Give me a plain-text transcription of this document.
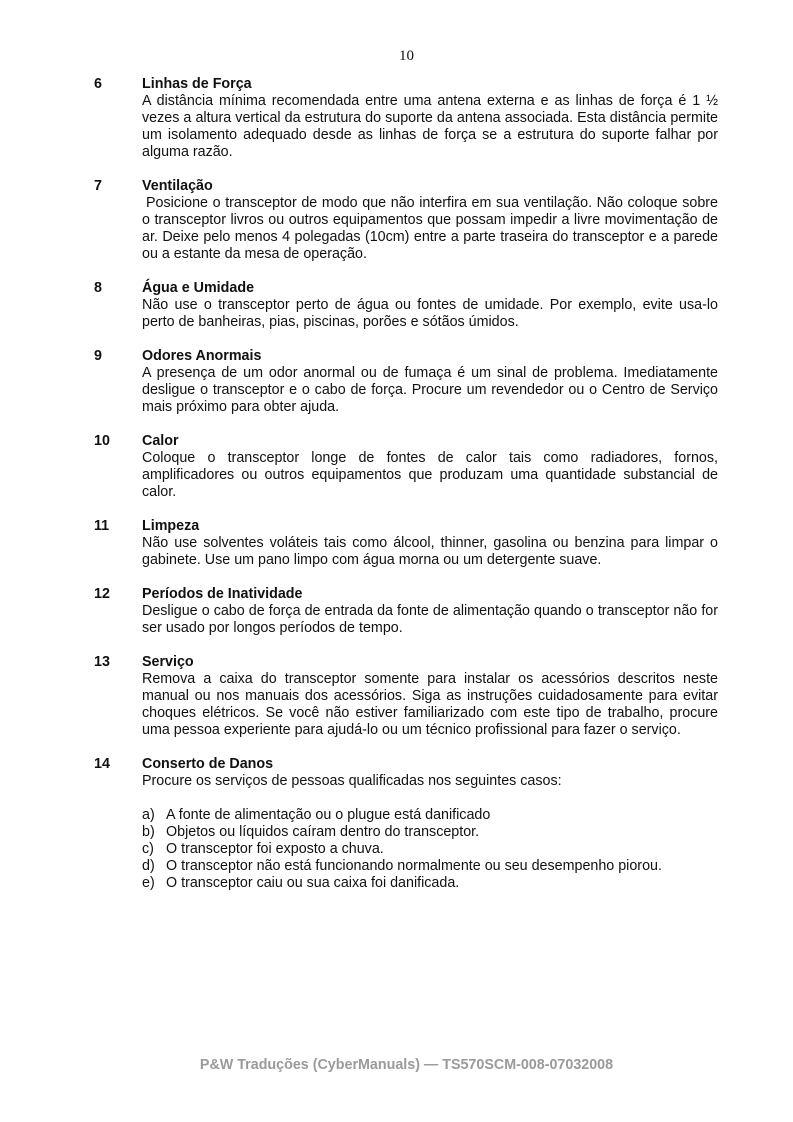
10
6	Linhas de Força
A distância mínima recomendada entre uma antena externa e as linhas de força é 1 ½ vezes a altura vertical da estrutura do suporte da antena associada. Esta distância permite um isolamento adequado desde as linhas de força se a estrutura do suporte falhar por alguma razão.
7	Ventilação
Posicione o transceptor de modo que não interfira em sua ventilação. Não coloque sobre o transceptor livros ou outros equipamentos que possam impedir a livre movimentação de ar. Deixe pelo menos 4 polegadas (10cm) entre a parte traseira do transceptor e a parede ou a estante da mesa de operação.
8	Água e Umidade
Não use o transceptor perto de água ou fontes de umidade. Por exemplo, evite usa-lo perto de banheiras, pias, piscinas, porões e sótãos úmidos.
9	Odores Anormais
A presença de um odor anormal ou de fumaça é um sinal de problema. Imediatamente desligue o transceptor e o cabo de força. Procure um revendedor ou o Centro de Serviço mais próximo para obter ajuda.
10 Calor
Coloque o transceptor longe de fontes de calor tais como radiadores, fornos, amplificadores ou outros equipamentos que produzam uma quantidade substancial de calor.
11 Limpeza
Não use solventes voláteis tais como álcool, thinner, gasolina ou benzina para limpar o gabinete. Use um pano limpo com água morna ou um detergente suave.
12 Períodos de Inatividade
Desligue o cabo de força de entrada da fonte de alimentação quando o transceptor não for ser usado por longos períodos de tempo.
13 Serviço
Remova a caixa do transceptor somente para instalar os acessórios descritos neste manual ou nos manuais dos acessórios. Siga as instruções cuidadosamente para evitar choques elétricos. Se você não estiver familiarizado com este tipo de trabalho, procure uma pessoa experiente para ajudá-lo ou um técnico profissional para fazer o serviço.
14 Conserto de Danos
Procure os serviços de pessoas qualificadas nos seguintes casos:
a) A fonte de alimentação ou o plugue está danificado
b) Objetos ou líquidos caíram dentro do transceptor.
c) O transceptor foi exposto a chuva.
d) O transceptor não está funcionando normalmente ou seu desempenho piorou.
e) O transceptor caiu ou sua caixa foi danificada.
P&W Traduções (CyberManuals) — TS570SCM-008-07032008
